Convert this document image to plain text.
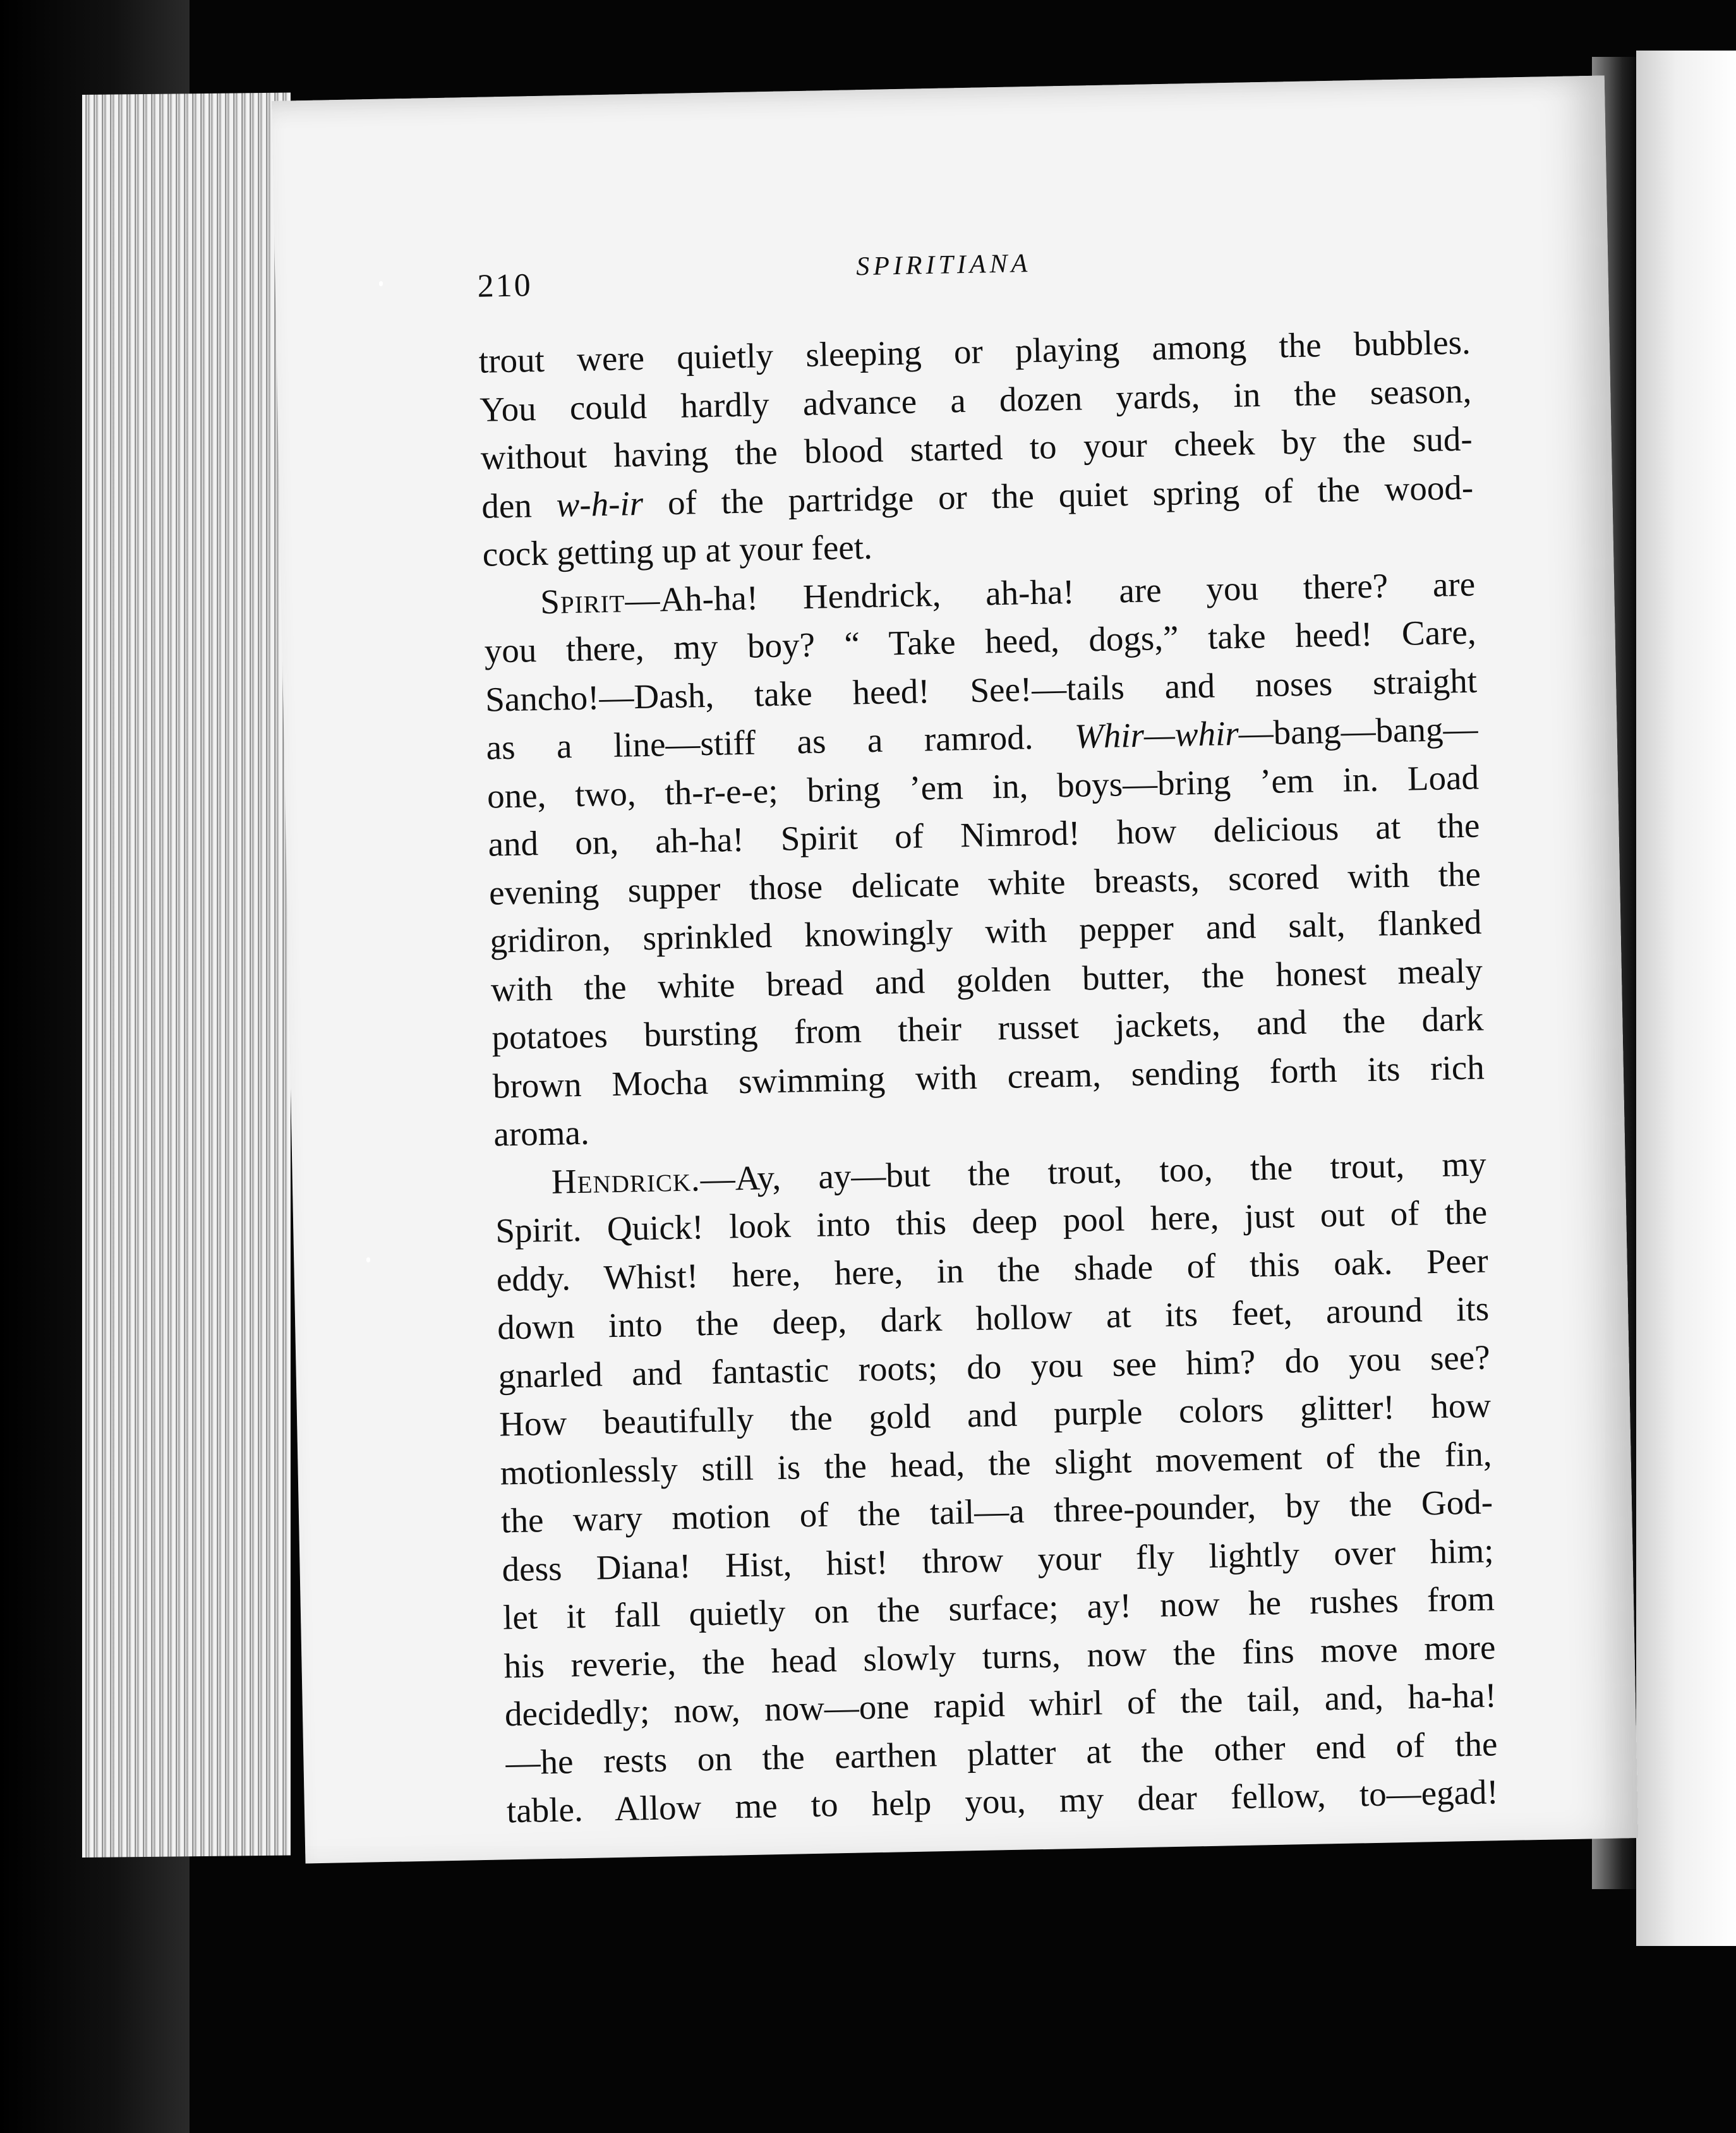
210
SPIRITIANA
trout were quietly sleeping or playing among the bubbles.
You could hardly advance a dozen yards, in the season,
without having the blood started to your cheek by the sud-
den w-h-ir of the partridge or the quiet spring of the wood-
cock getting up at your feet.
Spirit—Ah-ha! Hendrick, ah-ha! are you there? are
you there, my boy? “ Take heed, dogs,” take heed! Care,
Sancho!—Dash, take heed! See!—tails and noses straight
as a line—stiff as a ramrod. Whir—whir—bang—bang—
one, two, th-r-e-e; bring ’em in, boys—bring ’em in. Load
and on, ah-ha! Spirit of Nimrod! how delicious at the
evening supper those delicate white breasts, scored with the
gridiron, sprinkled knowingly with pepper and salt, flanked
with the white bread and golden butter, the honest mealy
potatoes bursting from their russet jackets, and the dark
brown Mocha swimming with cream, sending forth its rich
aroma.
Hendrick.—Ay, ay—but the trout, too, the trout, my
Spirit. Quick! look into this deep pool here, just out of the
eddy. Whist! here, here, in the shade of this oak. Peer
down into the deep, dark hollow at its feet, around its
gnarled and fantastic roots; do you see him? do you see?
How beautifully the gold and purple colors glitter! how
motionlessly still is the head, the slight movement of the fin,
the wary motion of the tail—a three-pounder, by the God-
dess Diana! Hist, hist! throw your fly lightly over him;
let it fall quietly on the surface; ay! now he rushes from
his reverie, the head slowly turns, now the fins move more
decidedly; now, now—one rapid whirl of the tail, and, ha-ha!
—he rests on the earthen platter at the other end of the
table. Allow me to help you, my dear fellow, to—egad!
